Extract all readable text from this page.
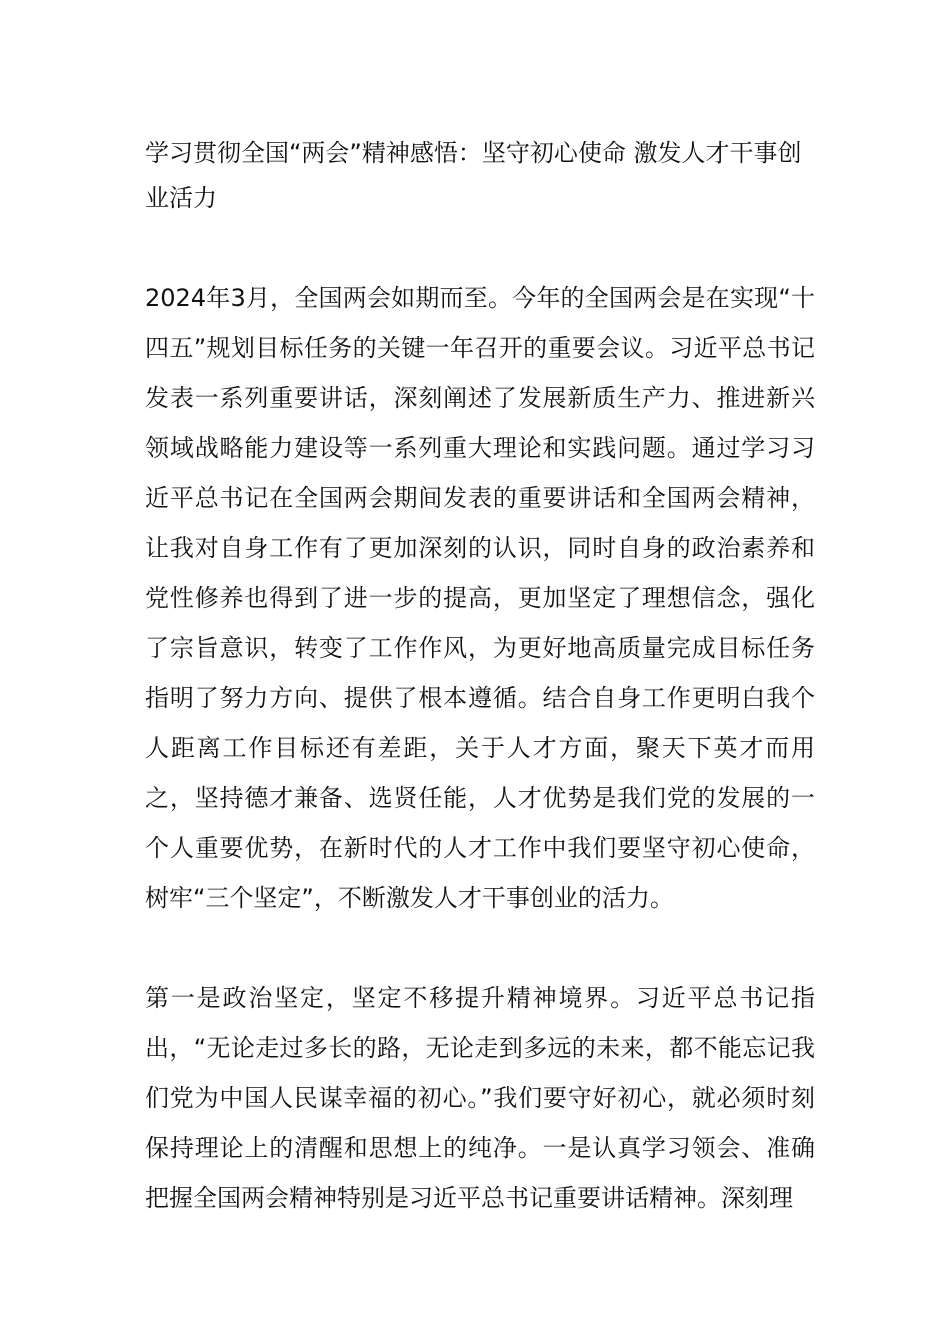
学习贯彻全国“两会”精神感悟：坚守初心使命 激发人才干事创业活力

2024年3月，全国两会如期而至。今年的全国两会是在实现“十四五”规划目标任务的关键一年召开的重要会议。习近平总书记发表一系列重要讲话，深刻阐述了发展新质生产力、推进新兴领域战略能力建设等一系列重大理论和实践问题。通过学习习近平总书记在全国两会期间发表的重要讲话和全国两会精神，让我对自身工作有了更加深刻的认识，同时自身的政治素养和党性修养也得到了进一步的提高，更加坚定了理想信念，强化了宗旨意识，转变了工作作风，为更好地高质量完成目标任务指明了努力方向、提供了根本遵循。结合自身工作更明白我个人距离工作目标还有差距，关于人才方面，聚天下英才而用之，坚持德才兼备、选贤任能，人才优势是我们党的发展的一个人重要优势，在新时代的人才工作中我们要坚守初心使命，树牢“三个坚定”，不断激发人才干事创业的活力。

第一是政治坚定，坚定不移提升精神境界。习近平总书记指出，“无论走过多长的路，无论走到多远的未来，都不能忘记我们党为中国人民谋幸福的初心。”我们要守好初心，就必须时刻保持理论上的清醒和思想上的纯净。一是认真学习领会、准确把握全国两会精神特别是习近平总书记重要讲话精神。深刻理
